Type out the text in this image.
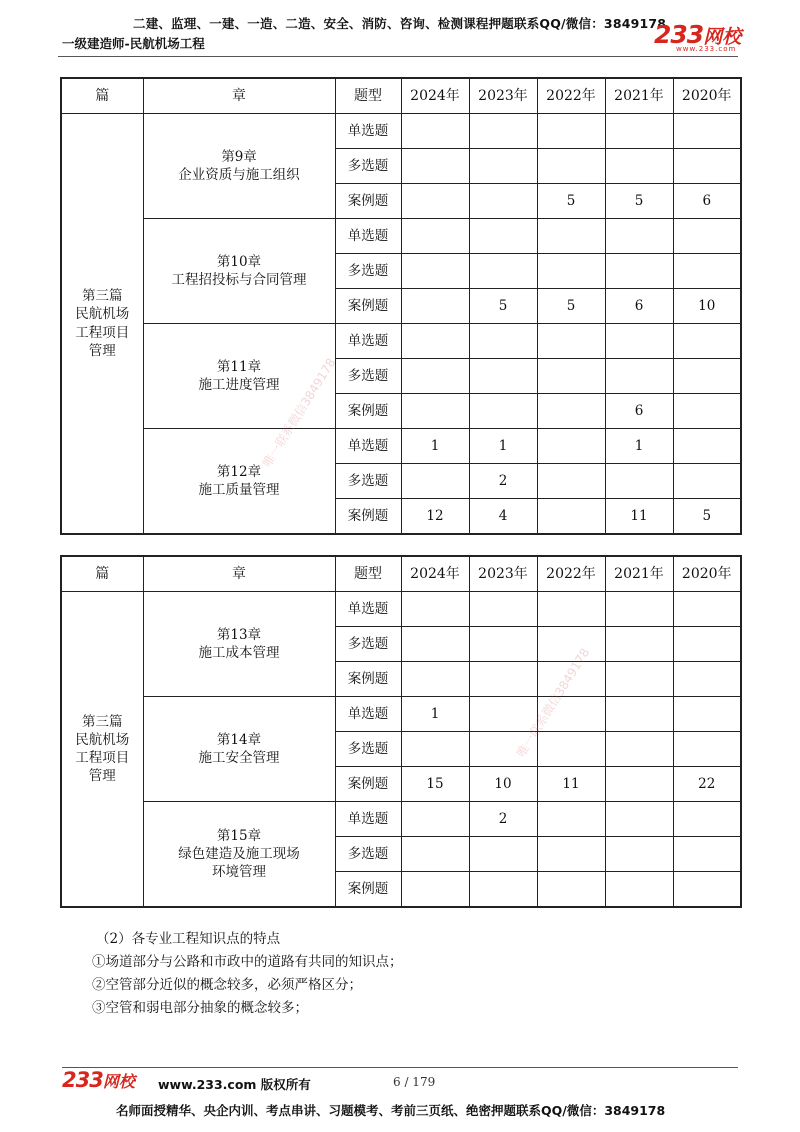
二建、监理、一建、一造、二造、安全、消防、咨询、检测课程押题联系QQ/微信：3849178
一级建造师-民航机场工程	233网校
www.233.com
篇	章	题型	2024年	2023年	2022年	2021年	2020年

第三篇
民航机场
工程项目
管理	第9章
企业资质与施工组织	单选题					
		多选题					
		案例题			5	5	6

	第10章
工程招投标与合同管理	单选题					
		多选题					
		案例题		5	5	6	10

	第11章
施工进度管理	单选题					
		多选题					
		案例题				6	

	第12章
施工质量管理	单选题	1	1		1	
		多选题		2			
		案例题	12	4		11	5
篇	章	题型	2024年	2023年	2022年	2021年	2020年

第三篇
民航机场
工程项目
管理	第13章
施工成本管理	单选题					
		多选题					
		案例题					

	第14章
施工安全管理	单选题	1				
		多选题					
		案例题	15	10	11		22

	第15章
绿色建造及施工现场
环境管理	单选题		2			
		多选题					
		案例题					
唯一联系微信3849178
唯一联系微信3849178
（2）各专业工程知识点的特点
①场道部分与公路和市政中的道路有共同的知识点；
②空管部分近似的概念较多，必须严格区分；
③空管和弱电部分抽象的概念较多；
233网校 www.233.com 版权所有	6 / 179
名师面授精华、央企内训、考点串讲、习题模考、考前三页纸、绝密押题联系QQ/微信：3849178
